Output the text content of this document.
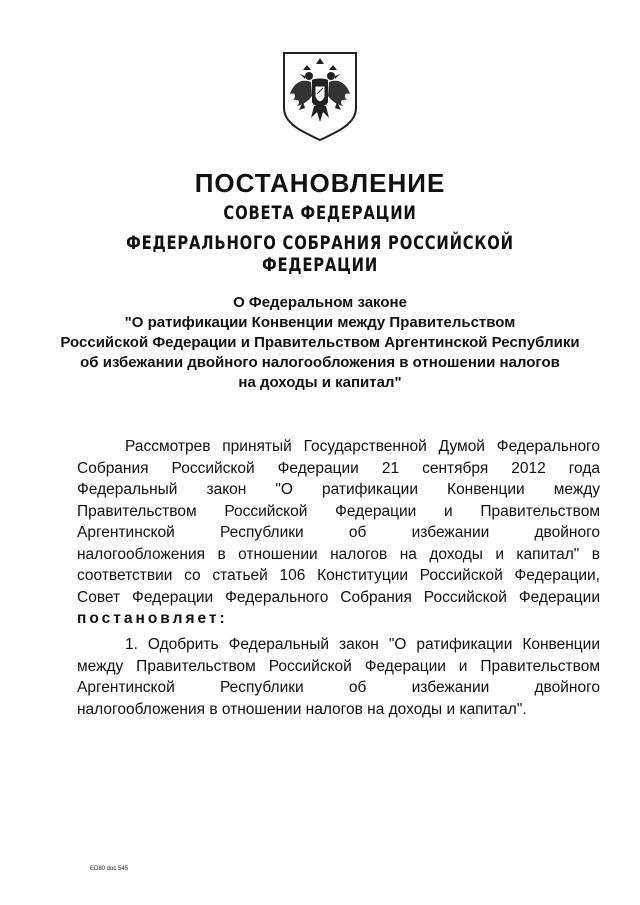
ПОСТАНОВЛЕНИЕ
СОВЕТА ФЕДЕРАЦИИ
ФЕДЕРАЛЬНОГО СОБРАНИЯ РОССИЙСКОЙ ФЕДЕРАЦИИ
О Федеральном законе
"О ратификации Конвенции между Правительством
Российской Федерации и Правительством Аргентинской Республики
об избежании двойного налогообложения в отношении налогов
на доходы и капитал"
Рассмотрев принятый Государственной Думой Федерального
Собрания Российской Федерации 21 сентября 2012 года
Федеральный закон "О ратификации Конвенции между
Правительством Российской Федерации и Правительством
Аргентинской Республики об избежании двойного
налогообложения в отношении налогов на доходы и капитал" в
соответствии со статьей 106 Конституции Российской Федерации,
Совет Федерации Федерального Собрания Российской Федерации
постановляет:
1. Одобрить Федеральный закон "О ратификации Конвенции
между Правительством Российской Федерации и Правительством
Аргентинской Республики об избежании двойного
налогообложения в отношении налогов на доходы и капитал".
ED80 doc 545
